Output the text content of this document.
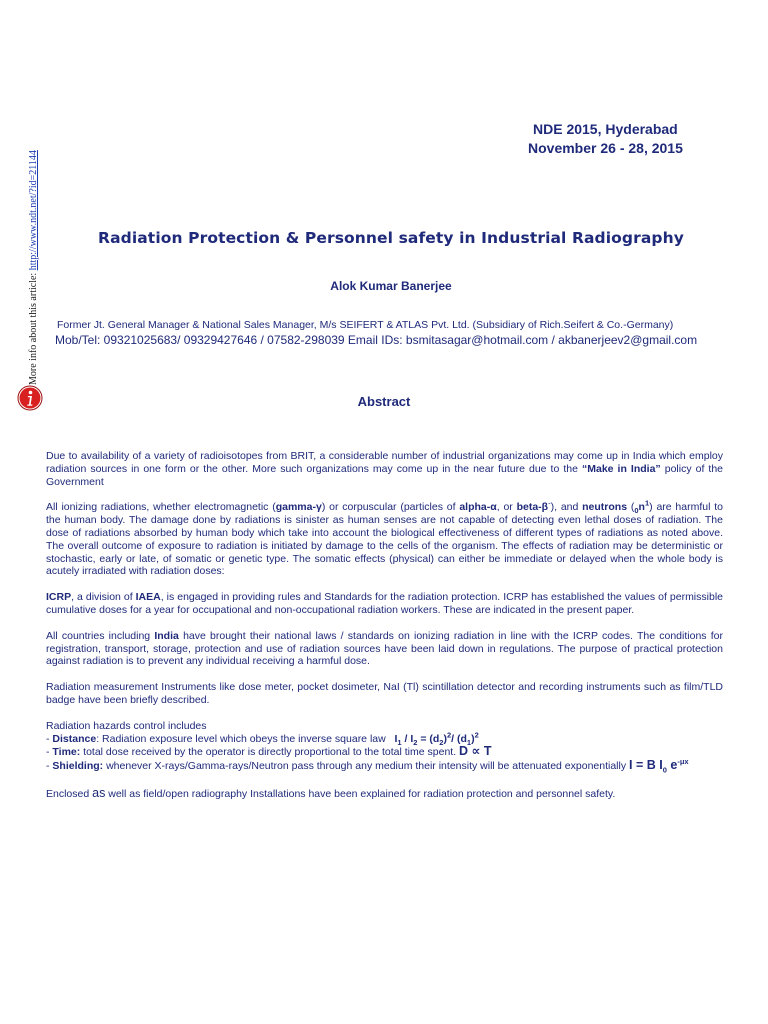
More info about this article: http://www.ndt.net/?id=21144
NDE 2015, Hyderabad
November 26 - 28, 2015
Radiation Protection & Personnel safety in Industrial Radiography
Alok Kumar Banerjee
Former Jt. General Manager & National Sales Manager, M/s SEIFERT & ATLAS Pvt. Ltd. (Subsidiary of Rich.Seifert & Co.-Germany)
Mob/Tel: 09321025683/ 09329427646 / 07582-298039 Email IDs: bsmitasagar@hotmail.com / akbanerjeev2@gmail.com
Abstract

Due to availability of a variety of radioisotopes from BRIT, a considerable number of industrial organizations may come up in India which employ radiation sources in one form or the other. More such organizations may come up in the near future due to the “Make in India” policy of the Government

All ionizing radiations, whether electromagnetic (gamma-γ) or corpuscular (particles of alpha-α, or beta-β-), and neutrons $(_0n^1)$ are harmful to the human body. The damage done by radiations is sinister as human senses are not capable of detecting even lethal doses of radiation. The dose of radiations absorbed by human body which take into account the biological effectiveness of different types of radiations as noted above. The overall outcome of exposure to radiation is initiated by damage to the cells of the organism. The effects of radiation may be deterministic or stochastic, early or late, of somatic or genetic type. The somatic effects (physical) can either be immediate or delayed when the whole body is acutely irradiated with radiation doses:

ICRP, a division of IAEA, is engaged in providing rules and Standards for the radiation protection. ICRP has established the values of permissible cumulative doses for a year for occupational and non-occupational radiation workers. These are indicated in the present paper.

All countries including India have brought their national laws / standards on ionizing radiation in line with the ICRP codes. The conditions for registration, transport, storage, protection and use of radiation sources have been laid down in regulations. The purpose of practical protection against radiation is to prevent any individual receiving a harmful dose.

Radiation measurement Instruments like dose meter, pocket dosimeter, NaI (Tl) scintillation detector and recording instruments such as film/TLD badge have been briefly described.

Radiation hazards control includes
- Distance: Radiation exposure level which obeys the inverse square law $I_1 / I_2 = (d_2)^2/$ $(d_1)^2$
- Time: total dose received by the operator is directly proportional to the total time spent. D ∝ T
- Shielding: whenever X-rays/Gamma-rays/Neutron pass through any medium their intensity will be attenuated exponentially I = B $I_0$ $e^{-\mu x}$

Enclosed as well as field/open radiography Installations have been explained for radiation protection and personnel safety.
